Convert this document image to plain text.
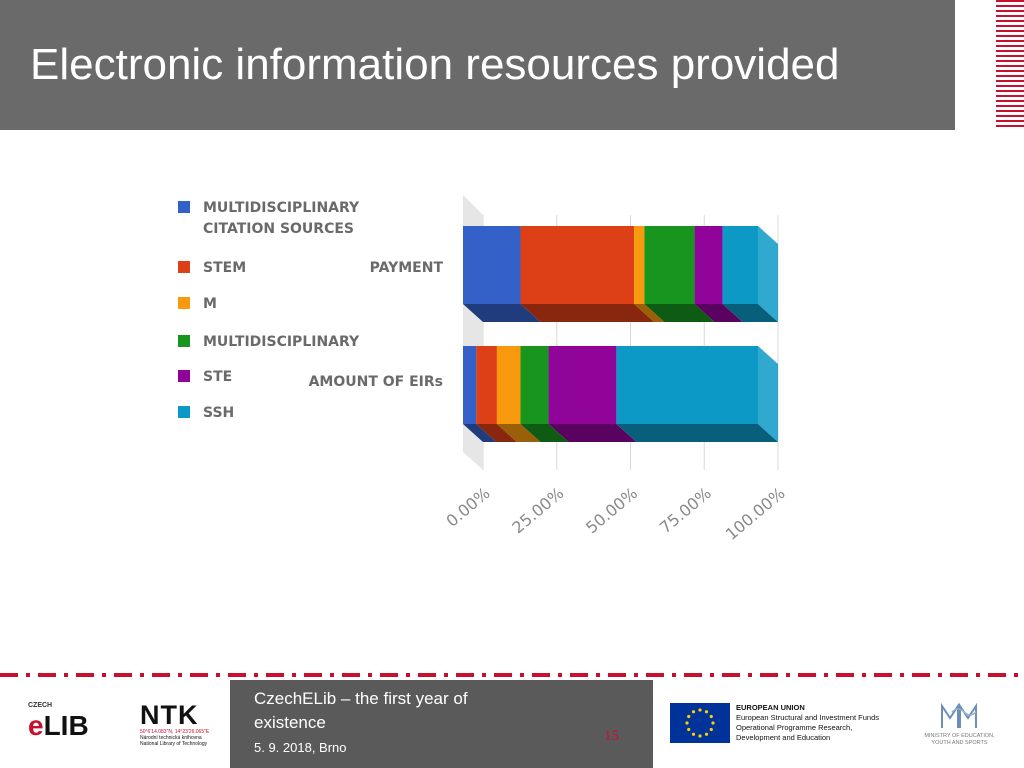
Electronic information resources provided
0.00% 25.00% 50.00% 75.00% 100.00%
MULTIDISCIPLINARY
CITATION SOURCES
STEM
M
MULTIDISCIPLINARY
STE
SSH
PAYMENT
AMOUNT OF EIRs
CZECH
eLIB NTK
50°6'14.083"N, 14°23'26.065"E
Národní technická knihovna
National Library of Technology
CzechELib – the first year of
existence
5. 9. 2018, Brno
15
EUROPEAN UNION
European Structural and Investment Funds
Operational Programme Research,
Development and Education	MINISTRY OF EDUCATION,
YOUTH AND SPORTS
